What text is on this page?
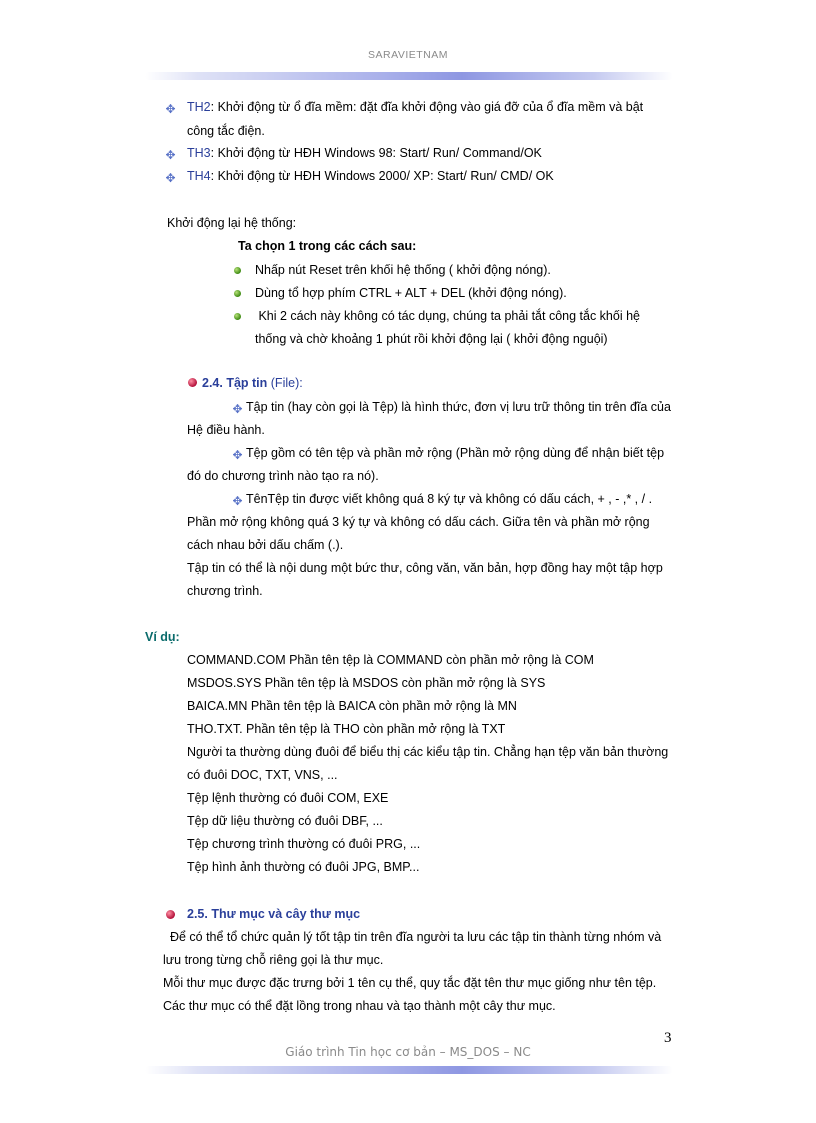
SARAVIETNAM
✥ TH2: Khởi động từ ổ đĩa mềm: đặt đĩa khởi động vào giá đỡ của ổ đĩa mềm và bật
công tắc điện.
✥ TH3: Khởi động từ HĐH Windows 98: Start/ Run/ Command/OK
✥ TH4: Khởi động từ HĐH Windows 2000/ XP: Start/ Run/ CMD/ OK
Khởi động lại hệ thống:
Ta chọn 1 trong các cách sau:
Nhấp nút Reset trên khối hệ thống ( khởi động nóng).
Dùng tổ hợp phím CTRL + ALT + DEL (khởi động nóng).
Khi 2 cách này không có tác dụng, chúng ta phải tắt công tắc khối hệ
thống và chờ khoảng 1 phút rồi khởi động lại ( khởi động nguội)
2.4. Tập tin (File):
✥ Tập tin (hay còn gọi là Tệp) là hình thức, đơn vị lưu trữ thông tin trên đĩa của
Hệ điều hành.
✥ Tệp gồm có tên tệp và phần mở rộng (Phần mở rộng dùng để nhận biết tệp
đó do chương trình nào tạo ra nó).
✥ TênTệp tin được viết không quá 8 ký tự và không có dấu cách, + , - ,* , / .
Phần mở rộng không quá 3 ký tự và không có dấu cách. Giữa tên và phần mở rộng
cách nhau bởi dấu chấm (.).
Tập tin có thể là nội dung một bức thư, công văn, văn bản, hợp đồng hay một tập hợp
chương trình.
Ví dụ:
COMMAND.COM Phần tên tệp là COMMAND còn phần mở rộng là COM
MSDOS.SYS Phần tên tệp là MSDOS còn phần mở rộng là SYS
BAICA.MN Phần tên tệp là BAICA còn phần mở rộng là MN
THO.TXT. Phần tên tệp là THO còn phần mở rộng là TXT
Người ta thường dùng đuôi để biểu thị các kiểu tập tin. Chẳng hạn tệp văn bản thường
có đuôi DOC, TXT, VNS, ...
Tệp lệnh thường có đuôi COM, EXE
Tệp dữ liệu thường có đuôi DBF, ...
Tệp chương trình thường có đuôi PRG, ...
Tệp hình ảnh thường có đuôi JPG, BMP...
2.5. Thư mục và cây thư mục
Để có thể tổ chức quản lý tốt tập tin trên đĩa người ta lưu các tập tin thành từng nhóm và
lưu trong từng chỗ riêng gọi là thư mục.
Mỗi thư mục được đặc trưng bởi 1 tên cụ thể, quy tắc đặt tên thư mục giống như tên tệp.
Các thư mục có thể đặt lồng trong nhau và tạo thành một cây thư mục.
3
Giáo trình Tin học cơ bản – MS_DOS – NC
